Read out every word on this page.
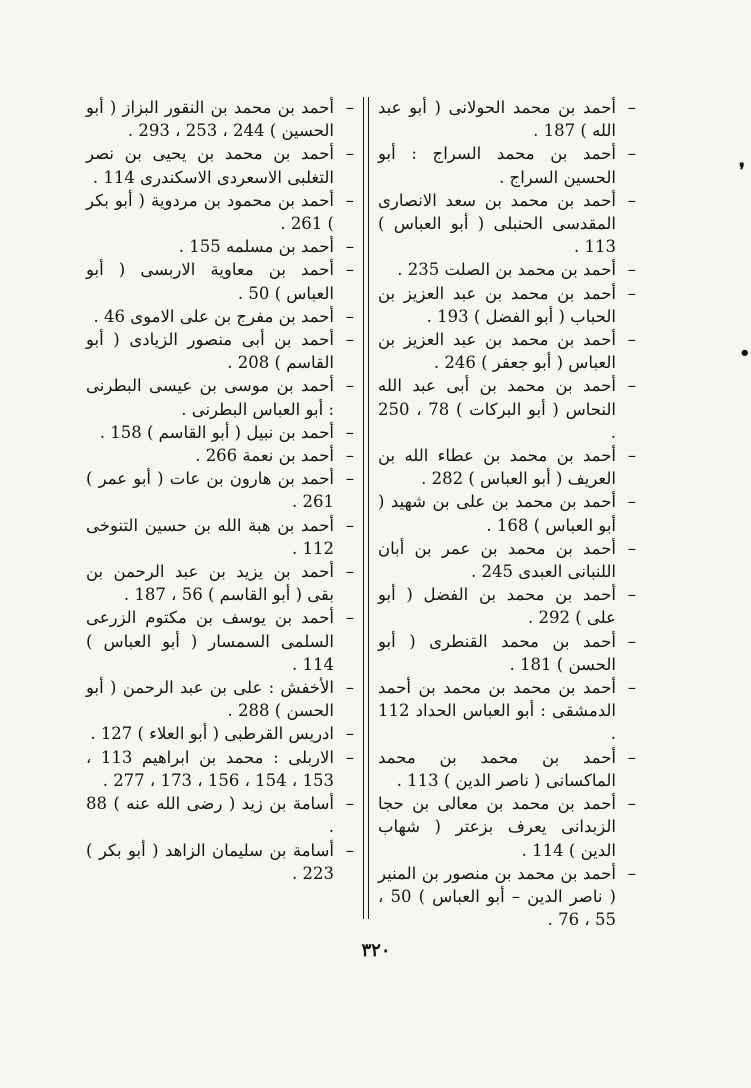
❜
•
–
أحمد بن محمد الحولانى ( أبو عبد الله ) 187 .
–
أحمد بن محمد السراج : أبو الحسين السراج .
–
أحمد بن محمد بن سعد الانصارى المقدسى الحنبلى ( أبو العباس ) 113 .
–
أحمد بن محمد بن الصلت 235 .
–
أحمد بن محمد بن عبد العزيز بن الحباب ( أبو الفضل ) 193 .
–
أحمد بن محمد بن عبد العزيز بن العباس ( أبو جعفر ) 246 .
–
أحمد بن محمد بن أبى عبد الله النحاس ( أبو البركات ) 78 ، 250 .
–
أحمد بن محمد بن عطاء الله بن العريف ( أبو العباس ) 282 .
–
أحمد بن محمد بن على بن شهيد ( أبو العباس ) 168 .
–
أحمد بن محمد بن عمر بن أبان اللنبانى العبدى 245 .
–
أحمد بن محمد بن الفضل ( أبو على ) 292 .
–
أحمد بن محمد القنطرى ( أبو الحسن ) 181 .
–
أحمد بن محمد بن محمد بن أحمد الدمشقى : أبو العباس الحداد 112 .
–
أحمد بن محمد بن محمد الماكسانى ( ناصر الدين ) 113 .
–
أحمد بن محمد بن معالى بن حجا الزبدانى يعرف بزعتر ( شهاب الدين ) 114 .
–
أحمد بن محمد بن منصور بن المنير ( ناصر الدين – أبو العباس ) 50 ، 55 ، 76 .
–
أحمد بن محمد بن النقور البزاز ( أبو الحسين ) 244 ، 253 ، 293 .
–
أحمد بن محمد بن يحيى بن نصر التغلبى الاسعردى الاسكندرى 114 .
–
أحمد بن محمود بن مردوية ( أبو بكر ) 261 .
–
أحمد بن مسلمه 155 .
–
أحمد بن معاوية الاربسى ( أبو العباس ) 50 .
–
أحمد بن مفرج بن على الاموى 46 .
–
أحمد بن أبى منصور الزيادى ( أبو القاسم ) 208 .
–
أحمد بن موسى بن عيسى البطرنى : أبو العباس البطرنى .
–
أحمد بن نبيل ( أبو القاسم ) 158 .
–
أحمد بن نعمة 266 .
–
أحمد بن هارون بن عات ( أبو عمر ) 261 .
–
أحمد بن هبة الله بن حسين التنوخى 112 .
–
أحمد بن يزيد بن عبد الرحمن بن بقى ( أبو القاسم ) 56 ، 187 .
–
أحمد بن يوسف بن مكتوم الزرعى السلمى السمسار ( أبو العباس ) 114 .
–
الأخفش : على بن عبد الرحمن ( أبو الحسن ) 288 .
–
ادريس القرطبى ( أبو العلاء ) 127 .
–
الاربلى : محمد بن ابراهيم 113 ، 153 ، 154 ، 156 ، 173 ، 277 .
–
أسامة بن زيد ( رضى الله عنه ) 88 .
–
أسامة بن سليمان الزاهد ( أبو بكر ) 223 .
٣٢٠
